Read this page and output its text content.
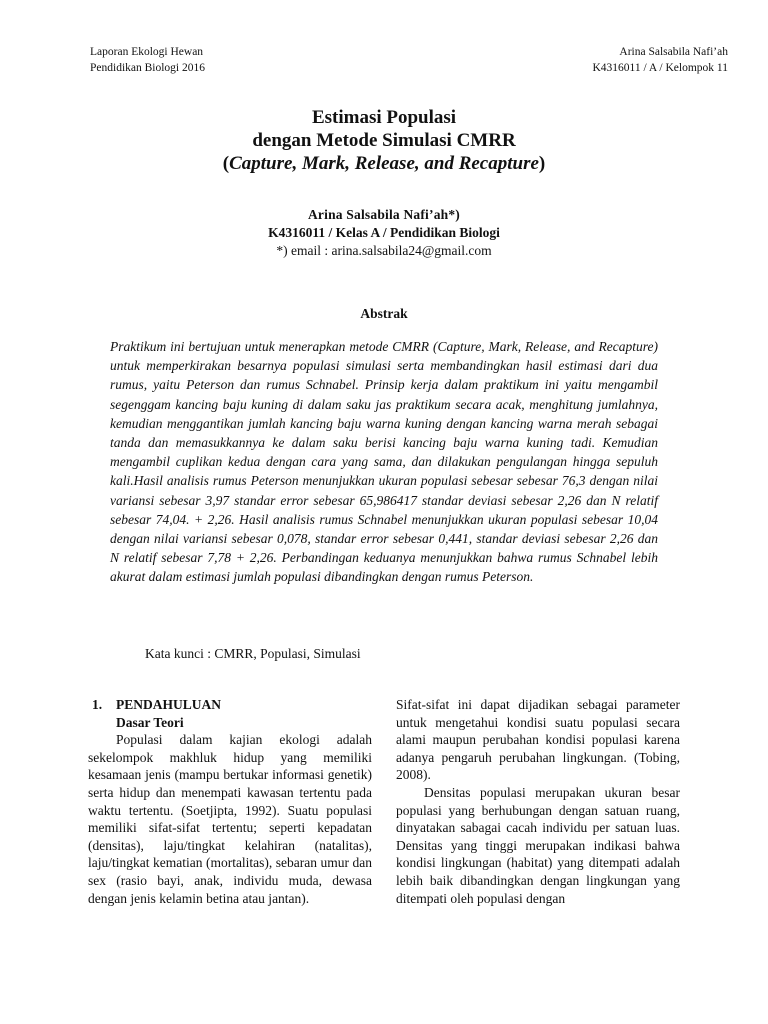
Laporan Ekologi Hewan
Pendidikan Biologi 2016
Arina Salsabila Nafi’ah
K4316011 / A / Kelompok 11
Estimasi Populasi
dengan Metode Simulasi CMRR
(Capture, Mark, Release, and Recapture)
Arina Salsabila Nafi’ah*)
K4316011 / Kelas A / Pendidikan Biologi
*) email : arina.salsabila24@gmail.com
Abstrak
Praktikum ini bertujuan untuk menerapkan metode CMRR (Capture, Mark, Release, and Recapture) untuk memperkirakan besarnya populasi simulasi serta membandingkan hasil estimasi dari dua rumus, yaitu Peterson dan rumus Schnabel. Prinsip kerja dalam praktikum ini yaitu mengambil segenggam kancing baju kuning di dalam saku jas praktikum secara acak, menghitung jumlahnya, kemudian menggantikan jumlah kancing baju warna kuning dengan kancing warna merah sebagai tanda dan memasukkannya ke dalam saku berisi kancing baju warna kuning tadi. Kemudian mengambil cuplikan kedua dengan cara yang sama, dan dilakukan pengulangan hingga sepuluh kali.Hasil analisis rumus Peterson menunjukkan ukuran populasi sebesar sebesar 76,3 dengan nilai variansi sebesar 3,97 standar error sebesar 65,986417 standar deviasi sebesar 2,26 dan N relatif sebesar 74,04. + 2,26. Hasil analisis rumus Schnabel menunjukkan ukuran populasi sebesar 10,04 dengan nilai variansi sebesar 0,078, standar error sebesar 0,441, standar deviasi sebesar 2,26 dan N relatif sebesar 7,78 + 2,26. Perbandingan keduanya menunjukkan bahwa rumus Schnabel lebih akurat dalam estimasi jumlah populasi dibandingkan dengan rumus Peterson.
Kata kunci : CMRR, Populasi, Simulasi

1. PENDAHULUAN

Dasar Teori

Populasi dalam kajian ekologi adalah sekelompok makhluk hidup yang memiliki kesamaan jenis (mampu bertukar informasi genetik) serta hidup dan menempati kawasan tertentu pada waktu tertentu. (Soetjipta, 1992). Suatu populasi memiliki sifat-sifat tertentu; seperti kepadatan (densitas), laju/tingkat kelahiran (natalitas), laju/tingkat kematian (mortalitas), sebaran umur dan sex (rasio bayi, anak, individu muda, dewasa dengan jenis kelamin betina atau jantan).

Sifat-sifat ini dapat dijadikan sebagai parameter untuk mengetahui kondisi suatu populasi secara alami maupun perubahan kondisi populasi karena adanya pengaruh perubahan lingkungan. (Tobing, 2008).

Densitas populasi merupakan ukuran besar populasi yang berhubungan dengan satuan ruang, dinyatakan sabagai cacah individu per satuan luas. Densitas yang tinggi merupakan indikasi bahwa kondisi lingkungan (habitat) yang ditempati adalah lebih baik dibandingkan dengan lingkungan yang ditempati oleh populasi dengan
